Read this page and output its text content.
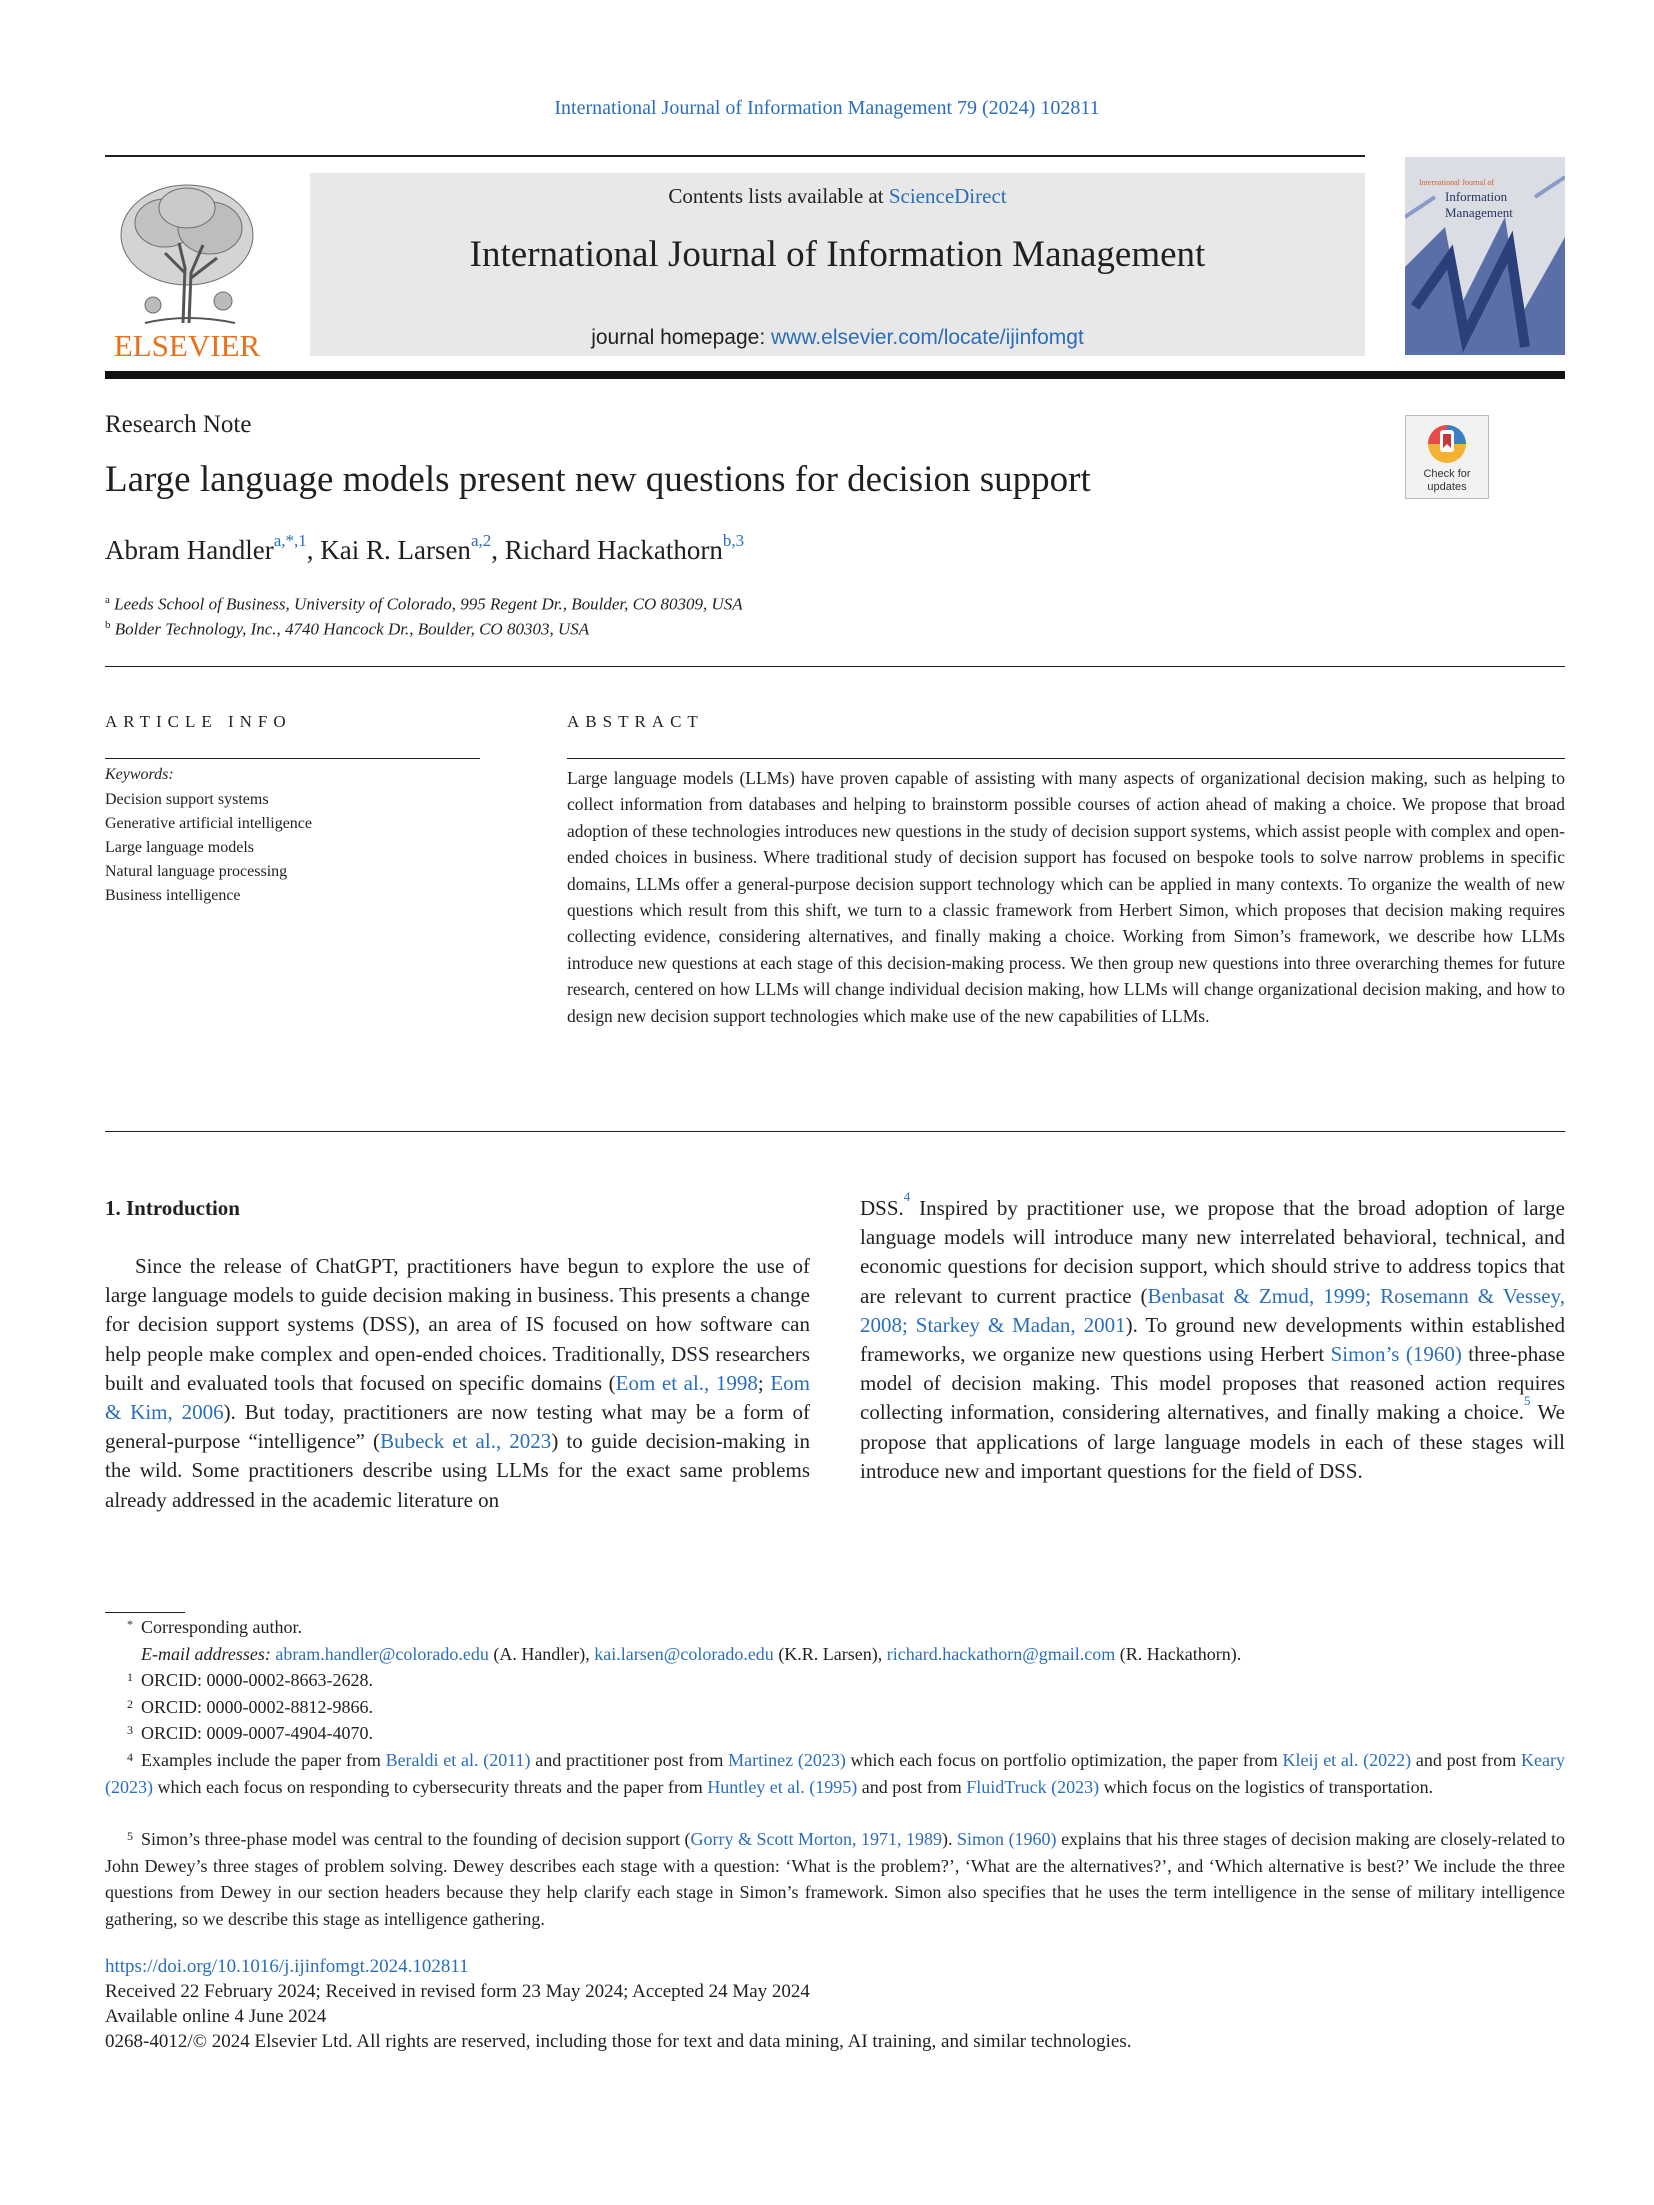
International Journal of Information Management 79 (2024) 102811
ELSEVIER
Contents lists available at ScienceDirect
International Journal of Information Management
journal homepage: www.elsevier.com/locate/ijinfomgt
International Journal of
Information
Management
Research Note
Large language models present new questions for decision support	Check for
updates
Abram Handler$^{a,*,1}$, Kai R. Larsen$^{a,2}$, Richard Hackathorn$^{b,3}$
$^a$ Leeds School of Business, University of Colorado, 995 Regent Dr., Boulder, CO 80309, USA
$^b$ Bolder Technology, Inc., 4740 Hancock Dr., Boulder, CO 80303, USA
ARTICLE INFO
Keywords:
Decision support systems
Generative artificial intelligence
Large language models
Natural language processing
Business intelligence
ABSTRACT

Large language models (LLMs) have proven capable of assisting with many aspects of organizational decision making, such as helping to collect information from databases and helping to brainstorm possible courses of action ahead of making a choice. We propose that broad adoption of these technologies introduces new questions in the study of decision support systems, which assist people with complex and open-ended choices in business. Where traditional study of decision support has focused on bespoke tools to solve narrow problems in specific domains, LLMs offer a general-purpose decision support technology which can be applied in many contexts. To organize the wealth of new questions which result from this shift, we turn to a classic framework from Herbert Simon, which proposes that decision making requires collecting evidence, considering alternatives, and finally making a choice. Working from Simon’s framework, we describe how LLMs introduce new questions at each stage of this decision-making process. We then group new questions into three overarching themes for future research, centered on how LLMs will change individual decision making, how LLMs will change organizational decision making, and how to design new decision support technologies which make use of the new capabilities of LLMs.

1. Introduction

Since the release of ChatGPT, practitioners have begun to explore the use of large language models to guide decision making in business. This presents a change for decision support systems (DSS), an area of IS focused on how software can help people make complex and open-ended choices. Traditionally, DSS researchers built and evaluated tools that focused on specific domains (Eom et al., 1998; Eom & Kim, 2006). But today, practitioners are now testing what may be a form of general-purpose “intelligence” (Bubeck et al., 2023) to guide decision-making in the wild. Some practitioners describe using LLMs for the exact same problems already addressed in the academic literature on

DSS.$^4$ Inspired by practitioner use, we propose that the broad adoption of large language models will introduce many new interrelated behavioral, technical, and economic questions for decision support, which should strive to address topics that are relevant to current practice (Benbasat & Zmud, 1999; Rosemann & Vessey, 2008; Starkey & Madan, 2001). To ground new developments within established frameworks, we organize new questions using Herbert Simon’s (1960) three-phase model of decision making. This model proposes that reasoned action requires collecting information, considering alternatives, and finally making a choice.$^5$ We propose that applications of large language models in each of these stages will introduce new and important questions for the field of DSS.

* Corresponding author.

E-mail addresses: abram.handler@colorado.edu (A. Handler), kai.larsen@colorado.edu (K.R. Larsen), richard.hackathorn@gmail.com (R. Hackathorn).

1 ORCID: 0000-0002-8663-2628.

2 ORCID: 0000-0002-8812-9866.

3 ORCID: 0009-0007-4904-4070.

4 Examples include the paper from Beraldi et al. (2011) and practitioner post from Martinez (2023) which each focus on portfolio optimization, the paper from Kleij et al. (2022) and post from Keary (2023) which each focus on responding to cybersecurity threats and the paper from Huntley et al. (1995) and post from FluidTruck (2023) which focus on the logistics of transportation.

5 Simon’s three-phase model was central to the founding of decision support (Gorry & Scott Morton, 1971, 1989). Simon (1960) explains that his three stages of decision making are closely-related to John Dewey’s three stages of problem solving. Dewey describes each stage with a question: ‘What is the problem?’, ‘What are the alternatives?’, and ‘Which alternative is best?’ We include the three questions from Dewey in our section headers because they help clarify each stage in Simon’s framework. Simon also specifies that he uses the term intelligence in the sense of military intelligence gathering, so we describe this stage as intelligence gathering.

https://doi.org/10.1016/j.ijinfomgt.2024.102811
Received 22 February 2024; Received in revised form 23 May 2024; Accepted 24 May 2024
Available online 4 June 2024
0268-4012/© 2024 Elsevier Ltd. All rights are reserved, including those for text and data mining, AI training, and similar technologies.
